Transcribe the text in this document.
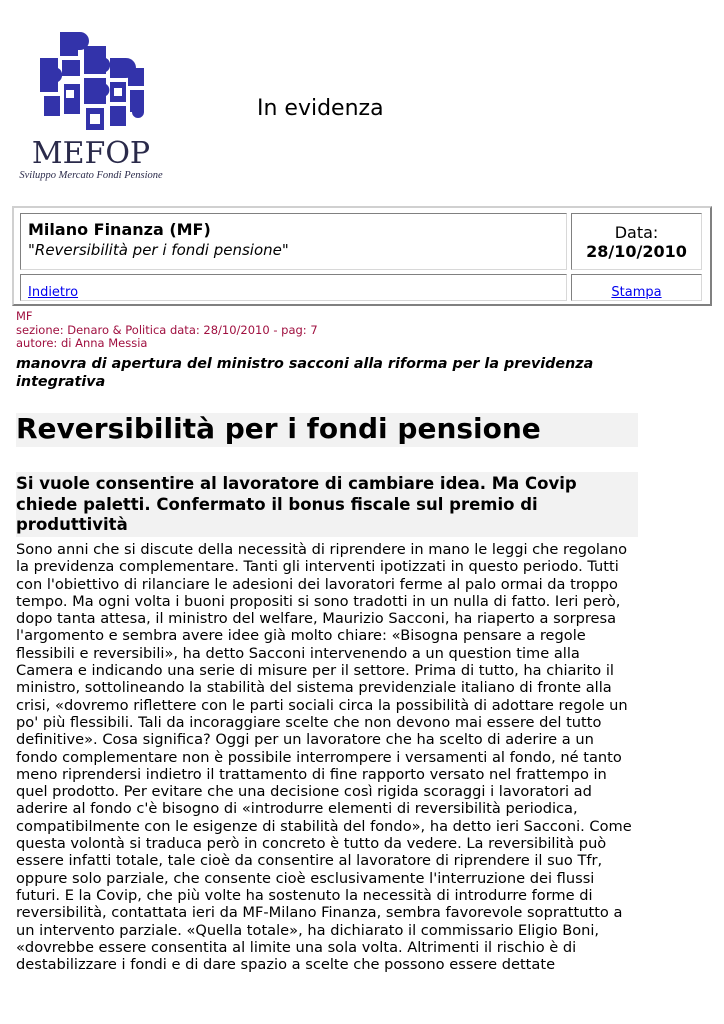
MEFOP
Sviluppo Mercato Fondi Pensione
In evidenza
Milano Finanza (MF)
"Reversibilità per i fondi pensione"
Data:
28/10/2010
Indietro	Stampa
MF
sezione: Denaro & Politica data: 28/10/2010 - pag: 7
autore: di Anna Messia
manovra di apertura del ministro sacconi alla riforma per la previdenza
integrativa
Reversibilità per i fondi pensione
Si vuole consentire al lavoratore di cambiare idea. Ma Covip
chiede paletti. Confermato il bonus fiscale sul premio di
produttività
Sono anni che si discute della necessità di riprendere in mano le leggi che regolano
la previdenza complementare. Tanti gli interventi ipotizzati in questo periodo. Tutti
con l'obiettivo di rilanciare le adesioni dei lavoratori ferme al palo ormai da troppo
tempo. Ma ogni volta i buoni propositi si sono tradotti in un nulla di fatto. Ieri però,
dopo tanta attesa, il ministro del welfare, Maurizio Sacconi, ha riaperto a sorpresa
l'argomento e sembra avere idee già molto chiare: «Bisogna pensare a regole
flessibili e reversibili», ha detto Sacconi intervenendo a un question time alla
Camera e indicando una serie di misure per il settore. Prima di tutto, ha chiarito il
ministro, sottolineando la stabilità del sistema previdenziale italiano di fronte alla
crisi, «dovremo riflettere con le parti sociali circa la possibilità di adottare regole un
po' più flessibili. Tali da incoraggiare scelte che non devono mai essere del tutto
definitive». Cosa significa? Oggi per un lavoratore che ha scelto di aderire a un
fondo complementare non è possibile interrompere i versamenti al fondo, né tanto
meno riprendersi indietro il trattamento di fine rapporto versato nel frattempo in
quel prodotto. Per evitare che una decisione così rigida scoraggi i lavoratori ad
aderire al fondo c'è bisogno di «introdurre elementi di reversibilità periodica,
compatibilmente con le esigenze di stabilità del fondo», ha detto ieri Sacconi. Come
questa volontà si traduca però in concreto è tutto da vedere. La reversibilità può
essere infatti totale, tale cioè da consentire al lavoratore di riprendere il suo Tfr,
oppure solo parziale, che consente cioè esclusivamente l'interruzione dei flussi
futuri. E la Covip, che più volte ha sostenuto la necessità di introdurre forme di
reversibilità, contattata ieri da MF-Milano Finanza, sembra favorevole soprattutto a
un intervento parziale. «Quella totale», ha dichiarato il commissario Eligio Boni,
«dovrebbe essere consentita al limite una sola volta. Altrimenti il rischio è di
destabilizzare i fondi e di dare spazio a scelte che possono essere dettate
